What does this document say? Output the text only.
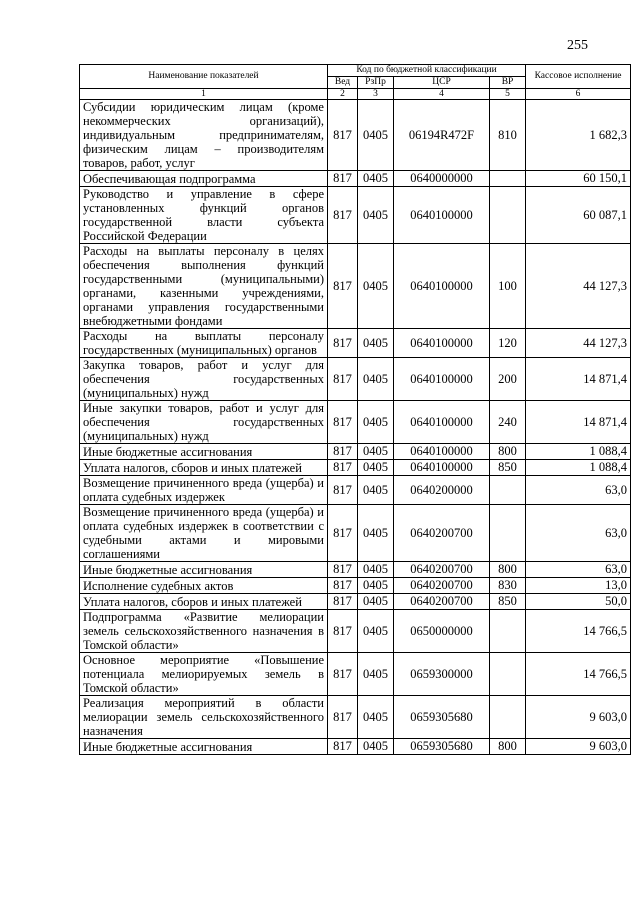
255
Наименование показателей	Код по бюджетной классификации				Кассовое исполнение
	Вед	РзПр	ЦСР	ВР	
1	2	3	4	5	6
Субсидии юридическим лицам (кроме некоммерческих организаций), индивидуальным предпринимателям, физическим лицам – производителям товаров, работ, услуг	817	0405	06194R472F	810	1 682,3
Обеспечивающая подпрограмма	817	0405	0640000000		60 150,1
Руководство и управление в сфере установленных функций органов государственной власти субъекта Российской Федерации	817	0405	0640100000		60 087,1
Расходы на выплаты персоналу в целях обеспечения выполнения функций государственными (муниципальными) органами, казенными учреждениями, органами управления государственными внебюджетными фондами	817	0405	0640100000	100	44 127,3
Расходы на выплаты персоналу государственных (муниципальных) органов	817	0405	0640100000	120	44 127,3
Закупка товаров, работ и услуг для обеспечения государственных (муниципальных) нужд	817	0405	0640100000	200	14 871,4
Иные закупки товаров, работ и услуг для обеспечения государственных (муниципальных) нужд	817	0405	0640100000	240	14 871,4
Иные бюджетные ассигнования	817	0405	0640100000	800	1 088,4
Уплата налогов, сборов и иных платежей	817	0405	0640100000	850	1 088,4
Возмещение причиненного вреда (ущерба) и оплата судебных издержек	817	0405	0640200000		63,0
Возмещение причиненного вреда (ущерба) и оплата судебных издержек в соответствии с судебными актами и мировыми соглашениями	817	0405	0640200700		63,0
Иные бюджетные ассигнования	817	0405	0640200700	800	63,0
Исполнение судебных актов	817	0405	0640200700	830	13,0
Уплата налогов, сборов и иных платежей	817	0405	0640200700	850	50,0
Подпрограмма «Развитие мелиорации земель сельскохозяйственного назначения в Томской области»	817	0405	0650000000		14 766,5
Основное мероприятие «Повышение потенциала мелиорируемых земель в Томской области»	817	0405	0659300000		14 766,5
Реализация мероприятий в области мелиорации земель сельскохозяйственного назначения	817	0405	0659305680		9 603,0
Иные бюджетные ассигнования	817	0405	0659305680	800	9 603,0
